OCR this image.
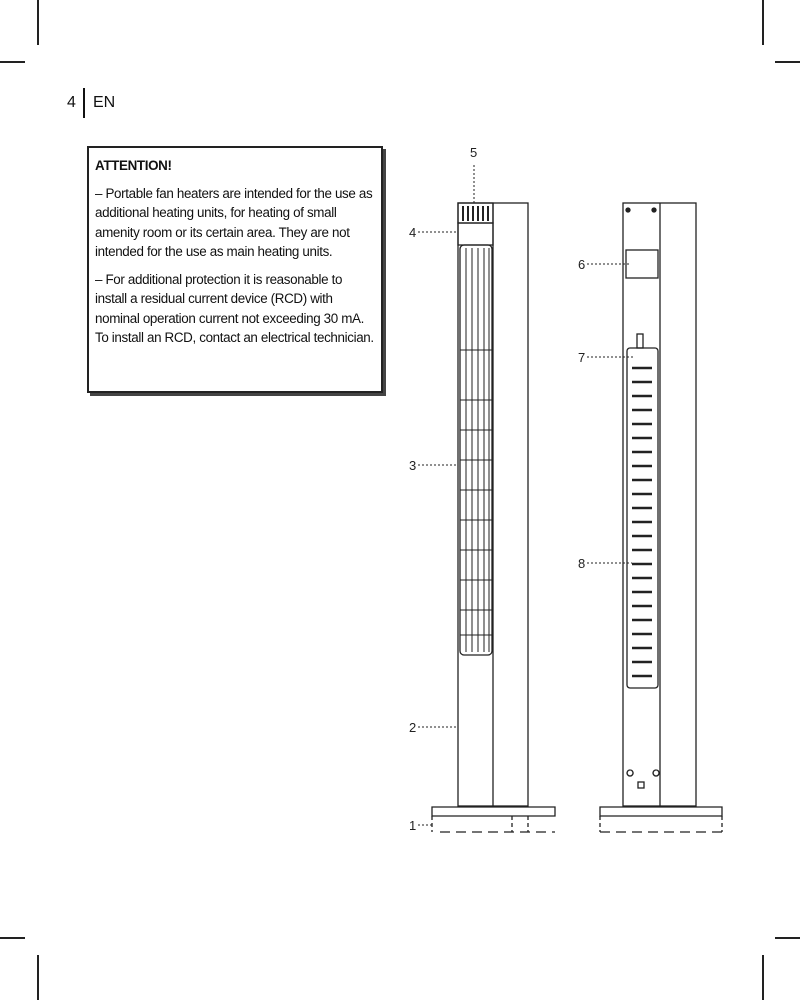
4	EN
ATTENTION!

– Portable fan heaters are intended for the use as additional heating units, for heating of small amenity room or its certain area. They are not intended for the use as main heating units.

– For additional protection it is reasonable to install a residual current device (RCD) with nominal operation current not exceeding 30 mA. To install an RCD, contact an electrical technician.

5
4
3
2
1
6
7
8
